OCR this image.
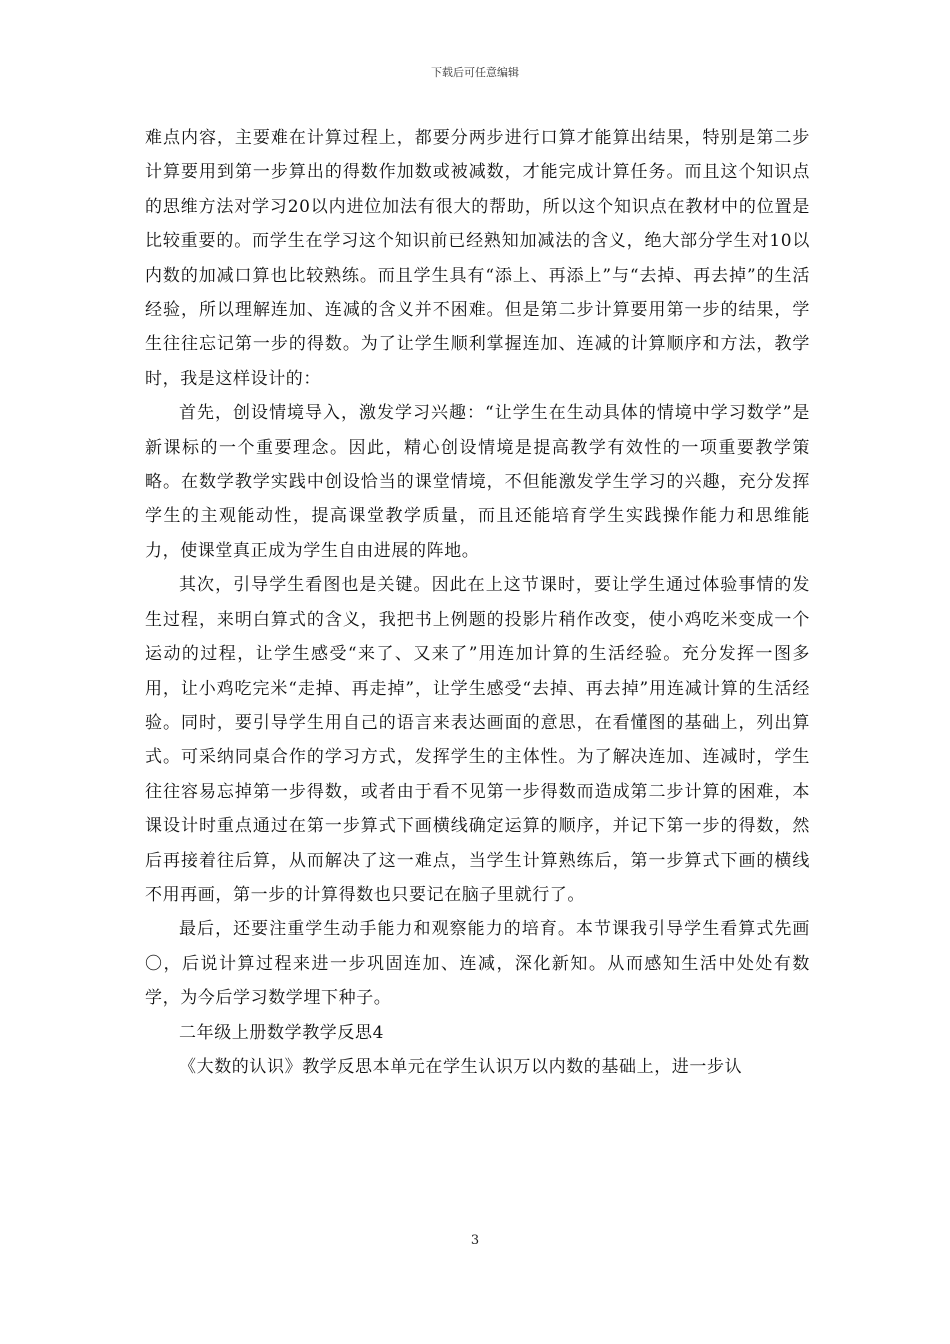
下载后可任意编辑

难点内容，主要难在计算过程上，都要分两步进行口算才能算出结果，特别是第二步计算要用到第一步算出的得数作加数或被减数，才能完成计算任务。而且这个知识点的思维方法对学习20以内进位加法有很大的帮助，所以这个知识点在教材中的位置是比较重要的。而学生在学习这个知识前已经熟知加减法的含义，绝大部分学生对10以内数的加减口算也比较熟练。而且学生具有“添上、再添上”与“去掉、再去掉”的生活经验，所以理解连加、连减的含义并不困难。但是第二步计算要用第一步的结果，学生往往忘记第一步的得数。为了让学生顺利掌握连加、连减的计算顺序和方法，教学时，我是这样设计的：

首先，创设情境导入，激发学习兴趣：“让学生在生动具体的情境中学习数学”是新课标的一个重要理念。因此，精心创设情境是提高教学有效性的一项重要教学策略。在数学教学实践中创设恰当的课堂情境，不但能激发学生学习的兴趣，充分发挥学生的主观能动性，提高课堂教学质量，而且还能培育学生实践操作能力和思维能力，使课堂真正成为学生自由进展的阵地。

其次，引导学生看图也是关键。因此在上这节课时，要让学生通过体验事情的发生过程，来明白算式的含义，我把书上例题的投影片稍作改变，使小鸡吃米变成一个运动的过程，让学生感受“来了、又来了”用连加计算的生活经验。充分发挥一图多用，让小鸡吃完米“走掉、再走掉”，让学生感受“去掉、再去掉”用连减计算的生活经验。同时，要引导学生用自己的语言来表达画面的意思，在看懂图的基础上，列出算式。可采纳同桌合作的学习方式，发挥学生的主体性。为了解决连加、连减时，学生往往容易忘掉第一步得数，或者由于看不见第一步得数而造成第二步计算的困难，本课设计时重点通过在第一步算式下画横线确定运算的顺序，并记下第一步的得数，然后再接着往后算，从而解决了这一难点，当学生计算熟练后，第一步算式下画的横线不用再画，第一步的计算得数也只要记在脑子里就行了。

最后，还要注重学生动手能力和观察能力的培育。本节课我引导学生看算式先画〇，后说计算过程来进一步巩固连加、连减，深化新知。从而感知生活中处处有数学，为今后学习数学埋下种子。

二年级上册数学教学反思4

《大数的认识》教学反思本单元在学生认识万以内数的基础上，进一步认

3
